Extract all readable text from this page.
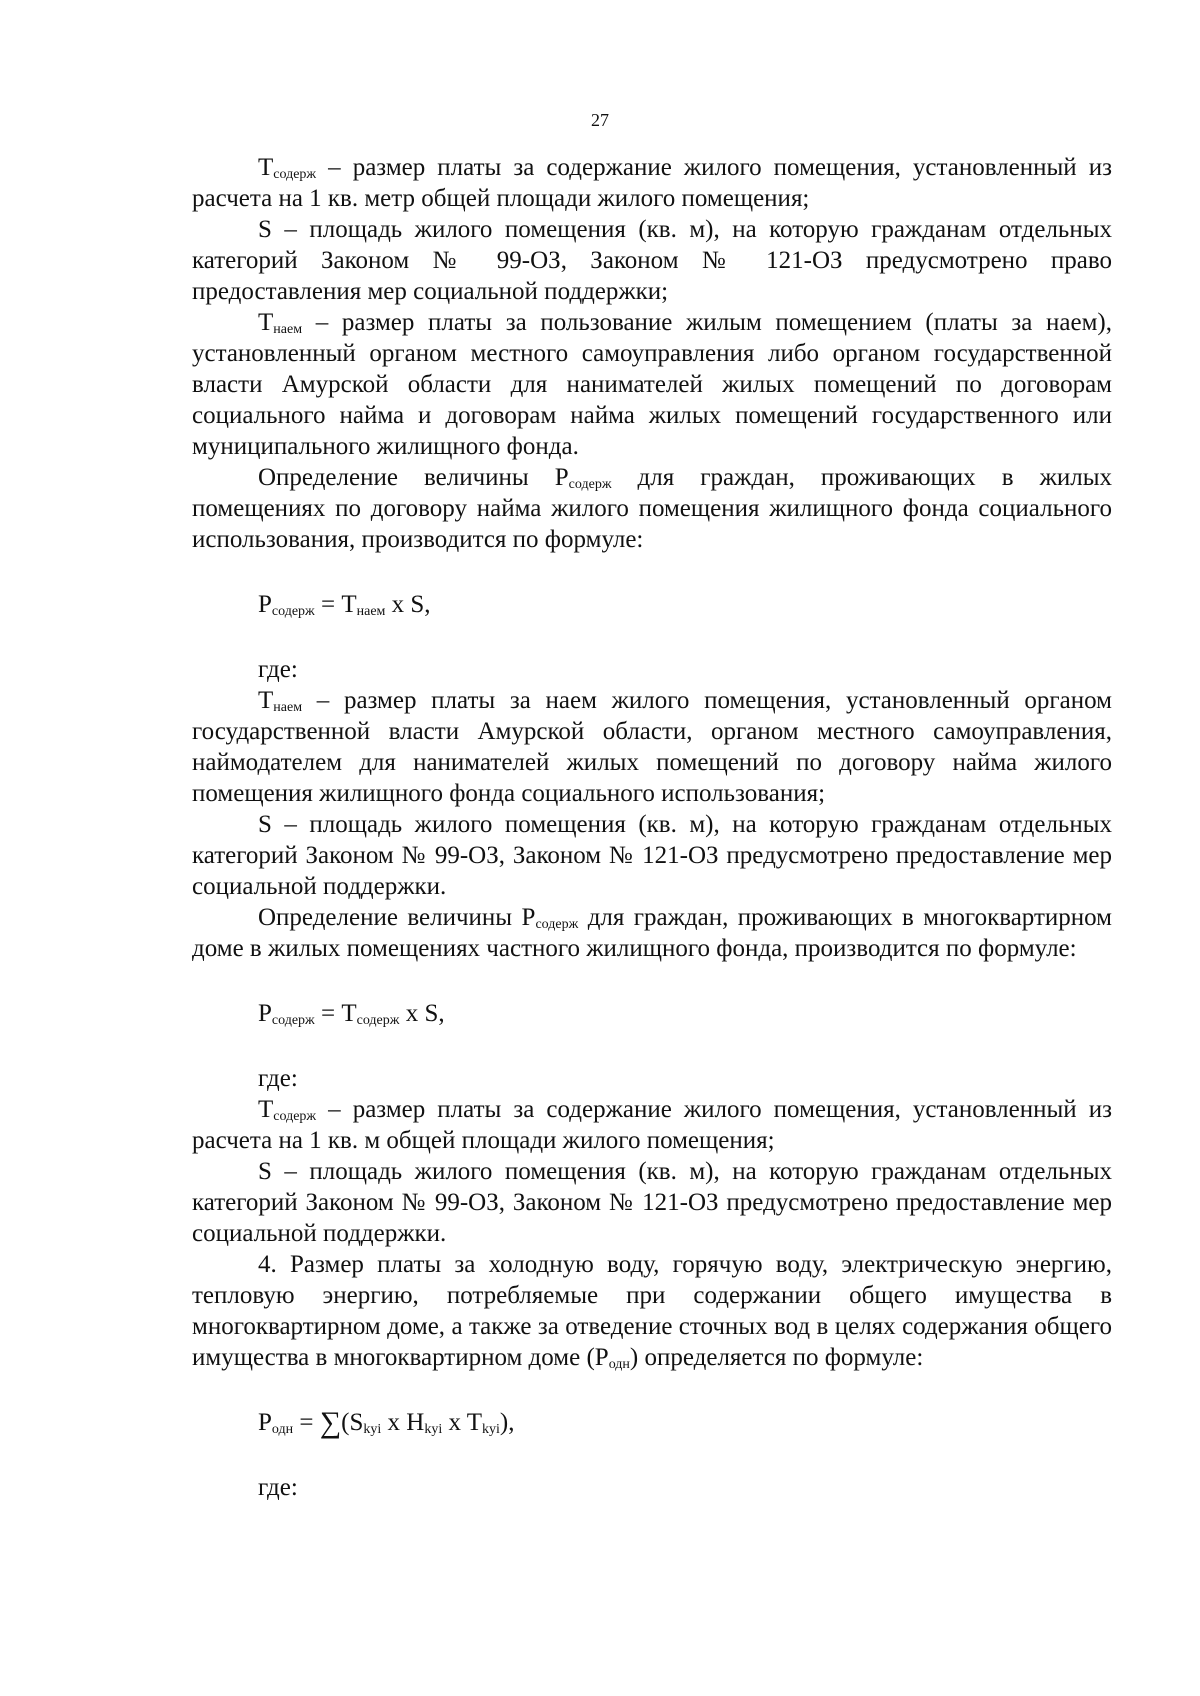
27

$T_{содерж}$ – размер платы за содержание жилого помещения, установленный из расчета на 1 кв. метр общей площади жилого помещения;

S – площадь жилого помещения (кв. м), на которую гражданам отдельных категорий Законом № 99-ОЗ, Законом № 121-ОЗ предусмотрено право предоставления мер социальной поддержки;

$T_{наем}$ – размер платы за пользование жилым помещением (платы за наем), установленный органом местного самоуправления либо органом государственной власти Амурской области для нанимателей жилых помещений по договорам социального найма и договорам найма жилых помещений государственного или муниципального жилищного фонда.

Определение величины $P_{содерж}$ для граждан, проживающих в жилых помещениях по договору найма жилого помещения жилищного фонда социального использования, производится по формуле:

$P_{содерж} = T_{наем}$ x S,
где:

$T_{наем}$ – размер платы за наем жилого помещения, установленный органом государственной власти Амурской области, органом местного самоуправления, наймодателем для нанимателей жилых помещений по договору найма жилого помещения жилищного фонда социального использования;

S – площадь жилого помещения (кв. м), на которую гражданам отдельных категорий Законом № 99-ОЗ, Законом № 121-ОЗ предусмотрено предоставление мер социальной поддержки.

Определение величины $P_{содерж}$ для граждан, проживающих в многоквартирном доме в жилых помещениях частного жилищного фонда, производится по формуле:

$P_{содерж} = T_{содерж}$ x S,
где:

$T_{содерж}$ – размер платы за содержание жилого помещения, установленный из расчета на 1 кв. м общей площади жилого помещения;

S – площадь жилого помещения (кв. м), на которую гражданам отдельных категорий Законом № 99-ОЗ, Законом № 121-ОЗ предусмотрено предоставление мер социальной поддержки.

4. Размер платы за холодную воду, горячую воду, электрическую энергию, тепловую энергию, потребляемые при содержании общего имущества в многоквартирном доме, а также за отведение сточных вод в целях содержания общего имущества в многоквартирном доме $(P_{одн})$ определяется по формуле:

$P_{одн} = \sum(S_{kyi}$ x $H_{kyi}$ x $T_{kyi}$),
где:
